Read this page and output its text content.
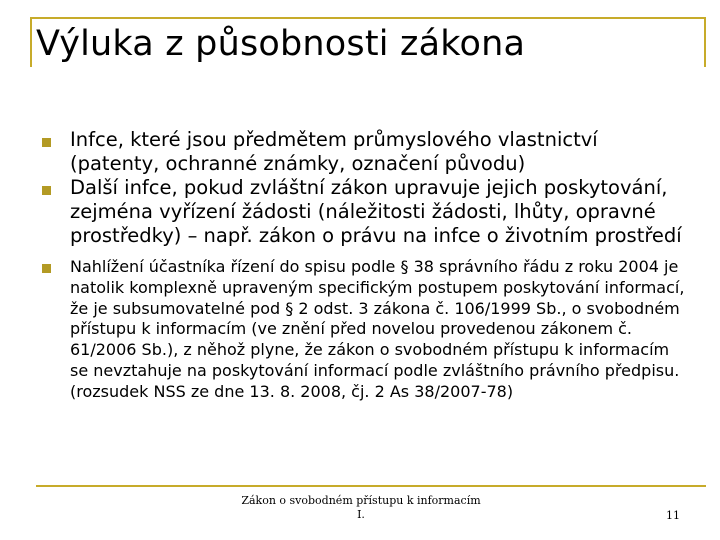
Výluka z působnosti zákona
Infce, které jsou předmětem průmyslového vlastnictví (patenty, ochranné známky, označení původu)
Další infce, pokud zvláštní zákon upravuje jejich poskytování, zejména vyřízení žádosti (náležitosti žádosti, lhůty, opravné prostředky) – např. zákon o právu na infce o životním prostředí
Nahlížení účastníka řízení do spisu podle § 38 správního řádu z roku 2004 je natolik komplexně upraveným specifickým postupem poskytování informací, že je subsumovatelné pod § 2 odst. 3 zákona č. 106/1999 Sb., o svobodném přístupu k informacím (ve znění před novelou provedenou zákonem č. 61/2006 Sb.), z něhož plyne, že zákon o svobodném přístupu k informacím se nevztahuje na poskytování informací podle zvláštního právního předpisu. (rozsudek NSS ze dne 13. 8. 2008, čj. 2 As 38/2007-78)
Zákon o svobodném přístupu k informacím
I.	11
